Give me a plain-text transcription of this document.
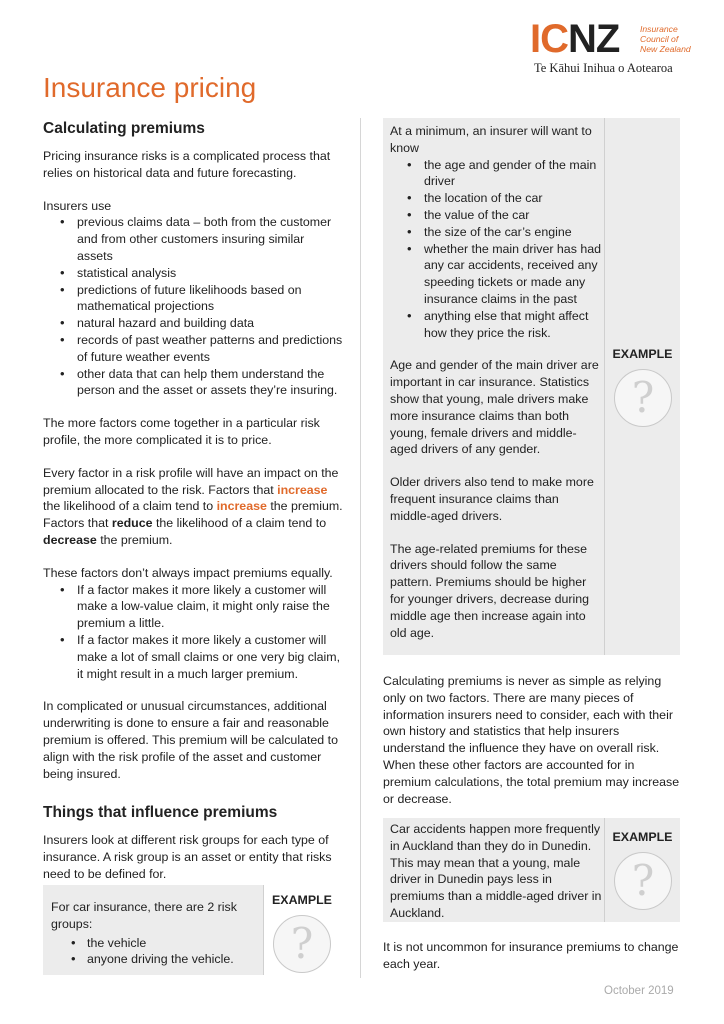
ICNZ Insurance
Council of
New Zealand
Te Kāhui Inihua o Aotearoa
Insurance pricing
Calculating premiums

Pricing insurance risks is a complicated process that relies on historical data and future forecasting.

Insurers use

• previous claims data – both from the customer and from other customers insuring similar assets
• statistical analysis
• predictions of future likelihoods based on mathematical projections
• natural hazard and building data
• records of past weather patterns and predictions of future weather events
• other data that can help them understand the person and the asset or assets they’re insuring.

The more factors come together in a particular risk profile, the more complicated it is to price.

Every factor in a risk profile will have an impact on the premium allocated to the risk. Factors that increase the likelihood of a claim tend to increase the premium. Factors that reduce the likelihood of a claim tend to decrease the premium.

These factors don’t always impact premiums equally.

• If a factor makes it more likely a customer will make a low-value claim, it might only raise the premium a little.
• If a factor makes it more likely a customer will make a lot of small claims or one very big claim, it might result in a much larger premium.

In complicated or unusual circumstances, additional underwriting is done to ensure a fair and reasonable premium is offered. This premium will be calculated to align with the risk profile of the asset and customer being insured.

Things that influence premiums

Insurers look at different risk groups for each type of insurance. A risk group is an asset or entity that risks need to be defined for.

For car insurance, there are 2 risk groups:

• the vehicle
• anyone driving the vehicle.
EXAMPLE
?

At a minimum, an insurer will want to know

• the age and gender of the main driver
• the location of the car
• the value of the car
• the size of the car’s engine
• whether the main driver has had any car accidents, received any speeding tickets or made any insurance claims in the past
• anything else that might affect how they price the risk.

Age and gender of the main driver are important in car insurance. Statistics show that young, male drivers make more insurance claims than both young, female drivers and middle-aged drivers of any gender.

Older drivers also tend to make more frequent insurance claims than middle-aged drivers.

The age-related premiums for these drivers should follow the same pattern. Premiums should be higher for younger drivers, decrease during middle age then increase again into old age.

EXAMPLE
?

Calculating premiums is never as simple as relying only on two factors. There are many pieces of information insurers need to consider, each with their own history and statistics that help insurers understand the influence they have on overall risk. When these other factors are accounted for in premium calculations, the total premium may increase or decrease.

Car accidents happen more frequently in Auckland than they do in Dunedin. This may mean that a young, male driver in Dunedin pays less in premiums than a middle-aged driver in Auckland.

EXAMPLE
?

It is not uncommon for insurance premiums to change each year.

October 2019
